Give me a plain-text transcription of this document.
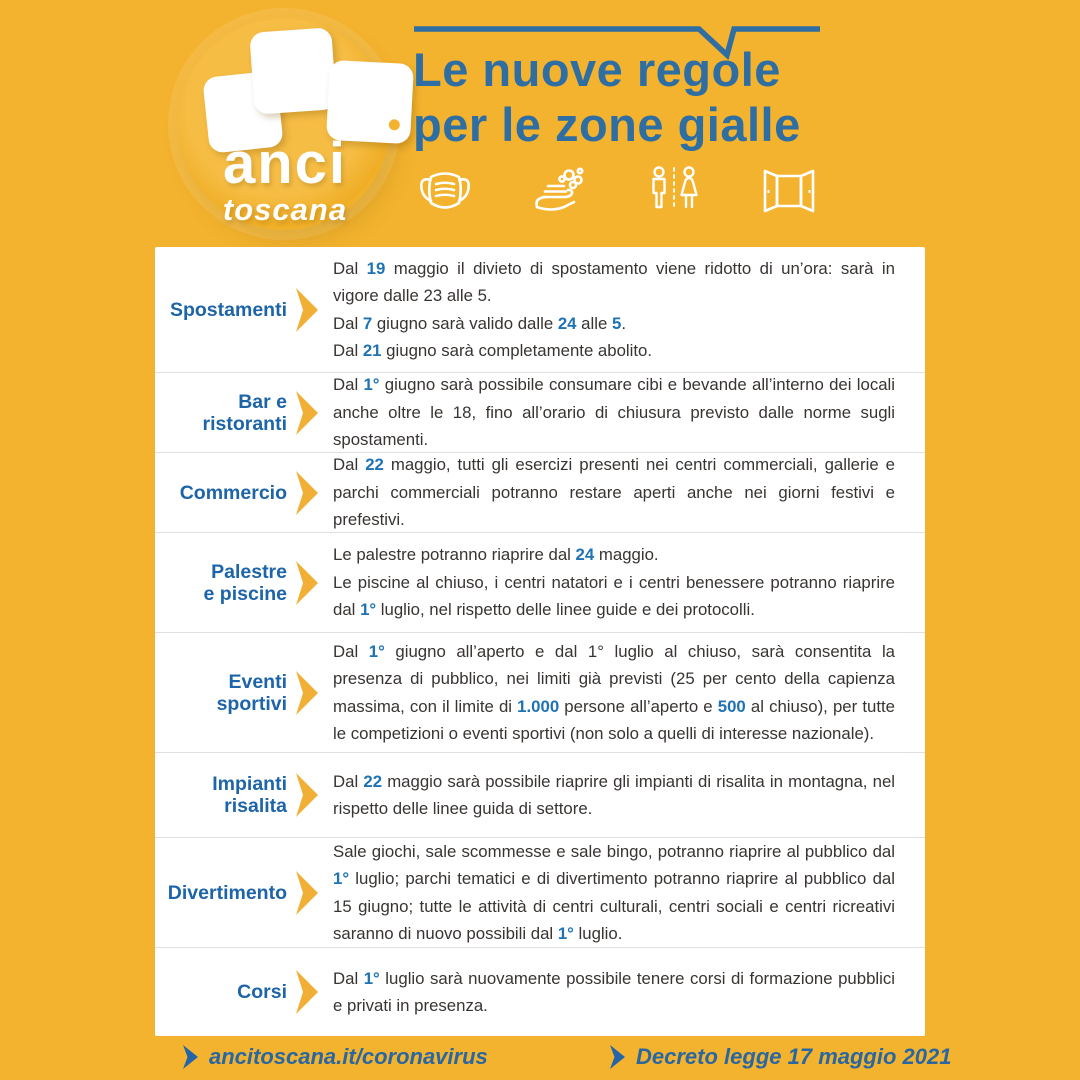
anci
toscana
Le nuove regole
per le zone gialle
Spostamenti
Dal 19 maggio il divieto di spostamento viene ridotto di un’ora: sarà in vigore dalle 23 alle 5.
Dal 7 giugno sarà valido dalle 24 alle 5.
Dal 21 giugno sarà completamente abolito.
Bar e
ristoranti
Dal 1° giugno sarà possibile consumare cibi e bevande all’interno dei locali anche oltre le 18, fino all’orario di chiusura previsto dalle norme sugli spostamenti.
Commercio
Dal 22 maggio, tutti gli esercizi presenti nei centri commerciali, gallerie e parchi commerciali potranno restare aperti anche nei giorni festivi e prefestivi.
Palestre
e piscine
Le palestre potranno riaprire dal 24 maggio.
Le piscine al chiuso, i centri natatori e i centri benessere potranno riaprire dal 1° luglio, nel rispetto delle linee guide e dei protocolli.
Eventi
sportivi
Dal 1° giugno all’aperto e dal 1° luglio al chiuso, sarà consentita la presenza di pubblico, nei limiti già previsti (25 per cento della capienza massima, con il limite di 1.000 persone all’aperto e 500 al chiuso), per tutte le competizioni o eventi sportivi (non solo a quelli di interesse nazionale).
Impianti
risalita
Dal 22 maggio sarà possibile riaprire gli impianti di risalita in montagna, nel rispetto delle linee guida di settore.
Divertimento
Sale giochi, sale scommesse e sale bingo, potranno riaprire al pubblico dal 1° luglio; parchi tematici e di divertimento potranno riaprire al pubblico dal 15 giugno; tutte le attività di centri culturali, centri sociali e centri ricreativi saranno di nuovo possibili dal 1° luglio.
Corsi
Dal 1° luglio sarà nuovamente possibile tenere corsi di formazione pubblici e privati in presenza.
ancitoscana.it/coronavirus	Decreto legge 17 maggio 2021
